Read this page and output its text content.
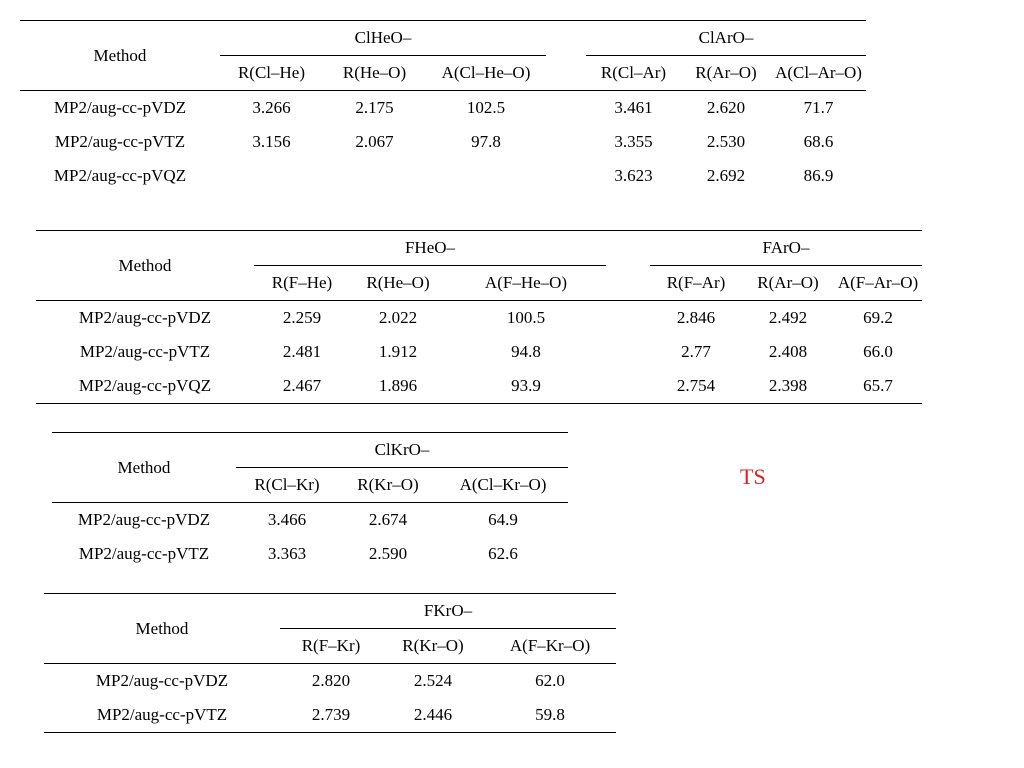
Method	ClHeO–				ClArO–		
	R(Cl–He)	R(He–O)	A(Cl–He–O)		R(Cl–Ar)	R(Ar–O)	A(Cl–Ar–O)
MP2/aug-cc-pVDZ	3.266	2.175	102.5		3.461	2.620	71.7
MP2/aug-cc-pVTZ	3.156	2.067	97.8		3.355	2.530	68.6
MP2/aug-cc-pVQZ					3.623	2.692	86.9
Method	FHeO–				FArO–		
	R(F–He)	R(He–O)	A(F–He–O)		R(F–Ar)	R(Ar–O)	A(F–Ar–O)
MP2/aug-cc-pVDZ	2.259	2.022	100.5		2.846	2.492	69.2
MP2/aug-cc-pVTZ	2.481	1.912	94.8		2.77	2.408	66.0
MP2/aug-cc-pVQZ	2.467	1.896	93.9		2.754	2.398	65.7
Method	ClKrO–		
	R(Cl–Kr)	R(Kr–O)	A(Cl–Kr–O)
MP2/aug-cc-pVDZ	3.466	2.674	64.9
MP2/aug-cc-pVTZ	3.363	2.590	62.6
Method	FKrO–		
	R(F–Kr)	R(Kr–O)	A(F–Kr–O)
MP2/aug-cc-pVDZ	2.820	2.524	62.0
MP2/aug-cc-pVTZ	2.739	2.446	59.8
TS
